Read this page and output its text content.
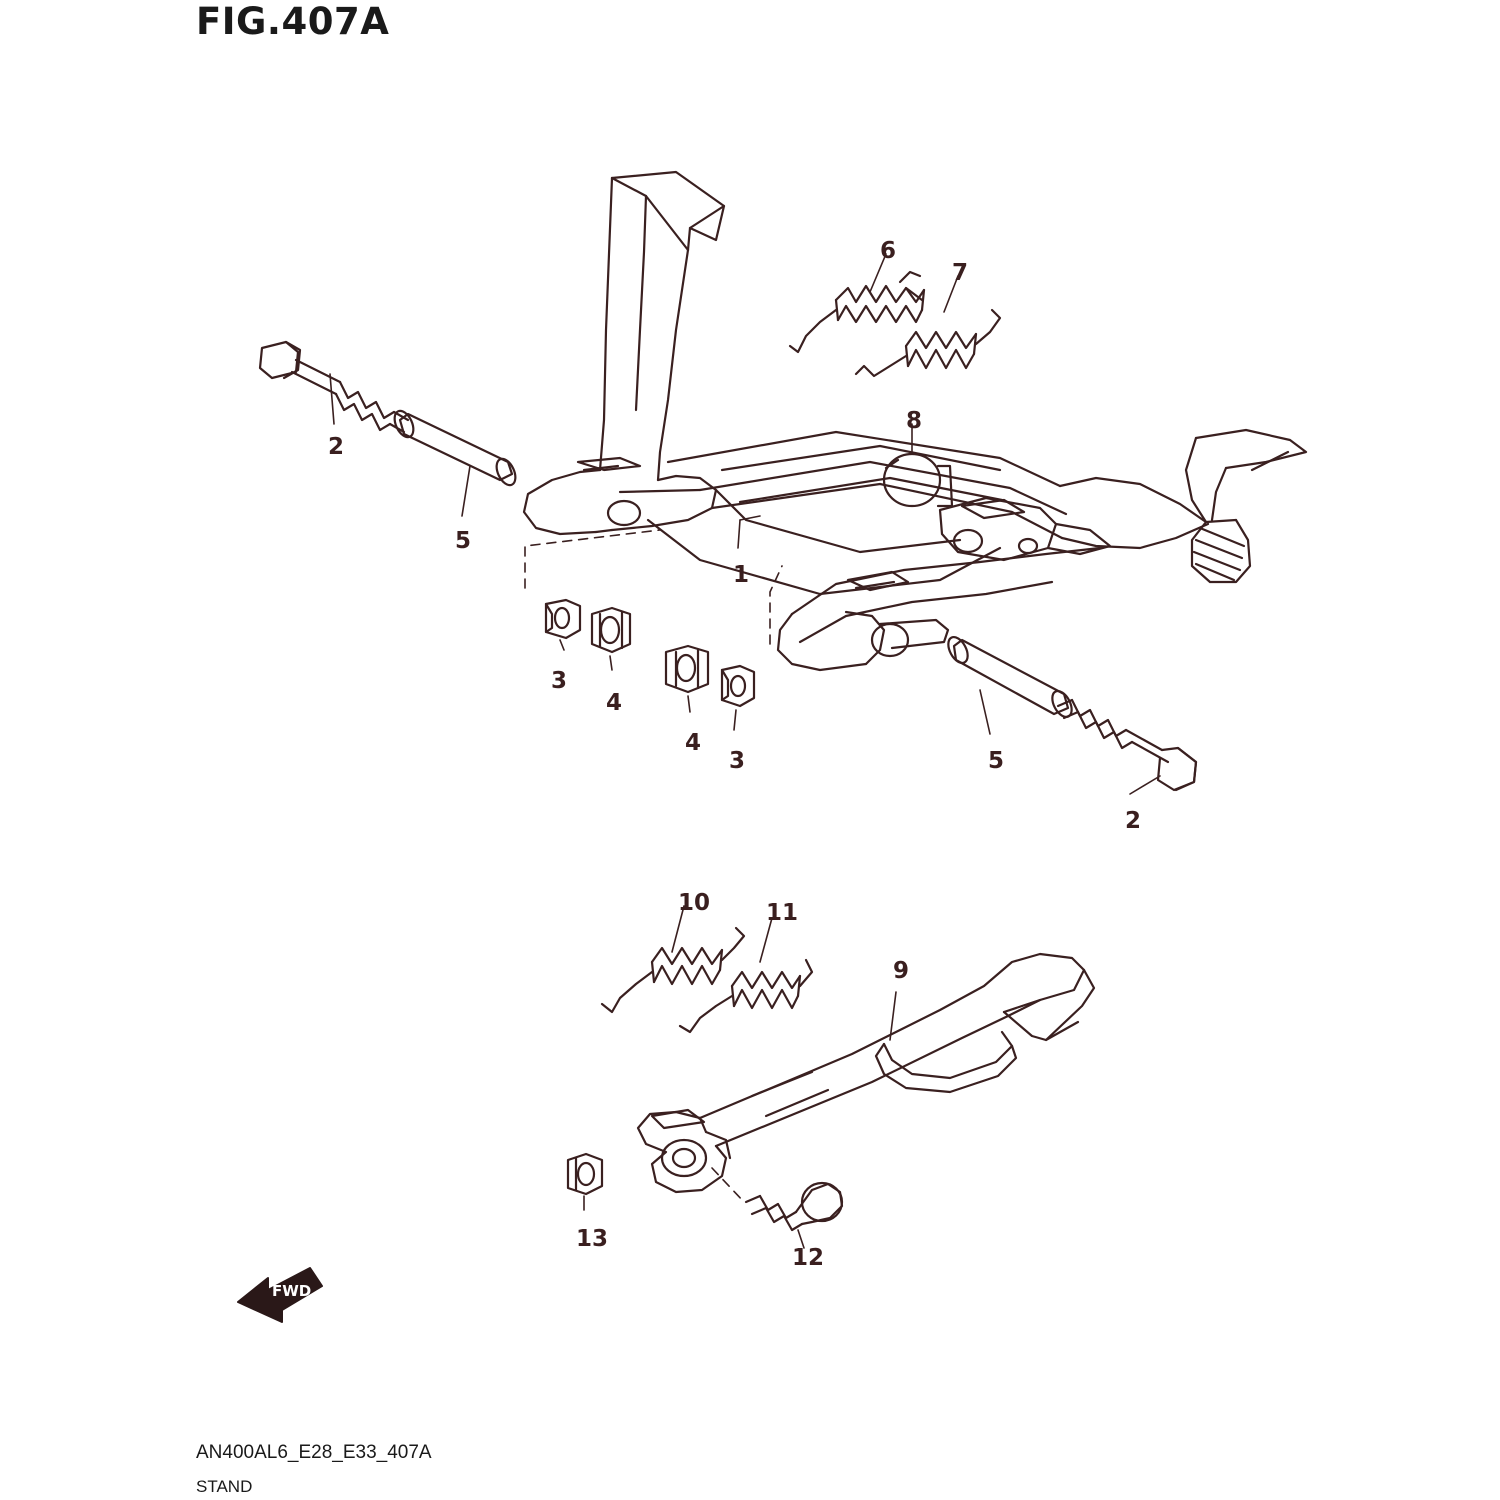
FIG.407A
FWD
2
5
6
7
8
1
3
4
4
3	5
2
10 11
9
13
12
AN400AL6_E28_E33_407A
STAND
